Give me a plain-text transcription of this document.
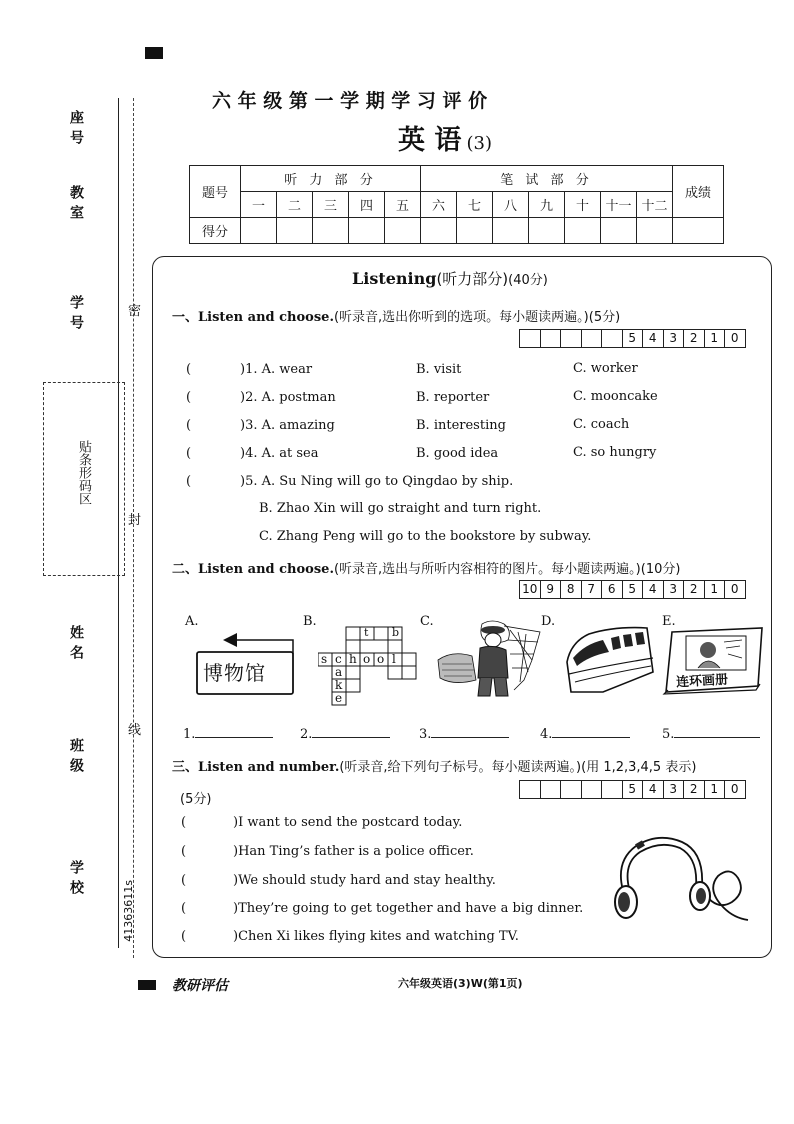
座号
教室
学号
贴条形码区
姓名
班级
学校	41363611s
密
封
线
六 年 级 第 一 学 期 学 习 评 价
英 语 (3)
题号	听 力 部 分					笔 试 部 分							成绩
	一	二	三	四	五	六	七	八	九	十	十一	十二	
得分													
Listening(听力部分)(40分)
一、Listen and choose.(听录音,选出你听到的选项。每小题读两遍。)(5分)
5	4	3	2	1	0
(	)1. A. wear	B. visit	C. worker
(	)2. A. postman	B. reporter	C. mooncake
(	)3. A. amazing	B. interesting	C. coach
(	)4. A. at sea	B. good idea	C. so hungry
(	)5. A. Su Ning will go to Qingdao by ship.
B. Zhao Xin will go straight and turn right.
C. Zhang Peng will go to the bookstore by subway.
二、Listen and choose.(听录音,选出与所听内容相符的图片。每小题读两遍。)(10分)
10 9	8	7	6	5	4	3	2	1	0
A.	B.	C.	D.	E.
博物馆
t b
s c h o o l
a
k
e
连环画册
1.	2.	3.	4.	5.
三、Listen and number.(听录音,给下列句子标号。每小题读两遍。)(用 1,2,3,4,5 表示)
(5分)
5	4	3	2	1	0
(	)I want to send the postcard today.
(	)Han Ting’s father is a police officer.
(	)We should study hard and stay healthy.
(	)They’re going to get together and have a big dinner.
(	)Chen Xi likes flying kites and watching TV.
教研评估	六年级英语(3)W(第1页)
